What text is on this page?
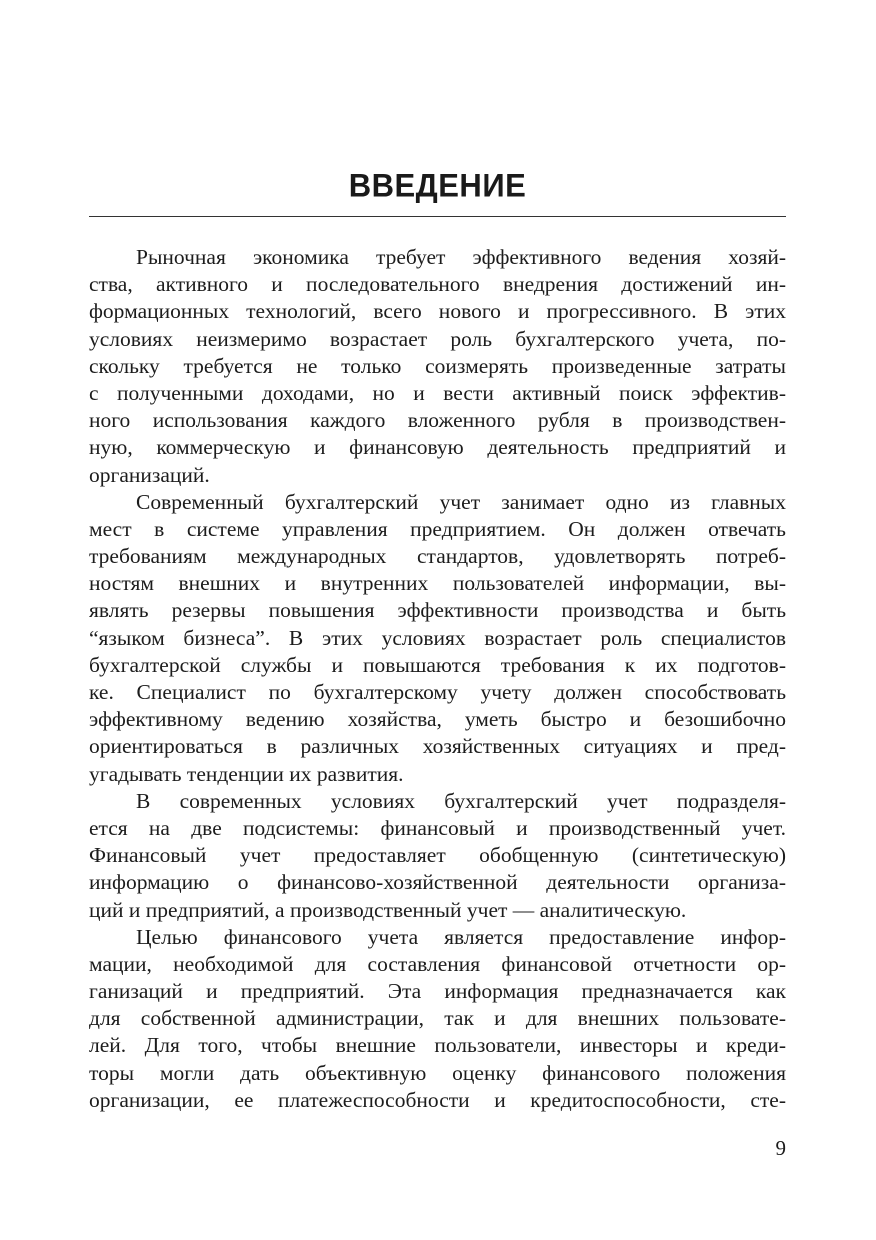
ВВЕДЕНИЕ
Рыночная экономика требует эффективного ведения хозяй-
ства, активного и последовательного внедрения достижений ин-
формационных технологий, всего нового и прогрессивного. В этих
условиях неизмеримо возрастает роль бухгалтерского учета, по-
скольку требуется не только соизмерять произведенные затраты
с полученными доходами, но и вести активный поиск эффектив-
ного использования каждого вложенного рубля в производствен-
ную, коммерческую и финансовую деятельность предприятий и
организаций.
Современный бухгалтерский учет занимает одно из главных
мест в системе управления предприятием. Он должен отвечать
требованиям международных стандартов, удовлетворять потреб-
ностям внешних и внутренних пользователей информации, вы-
являть резервы повышения эффективности производства и быть
“языком бизнеса”. В этих условиях возрастает роль специалистов
бухгалтерской службы и повышаются требования к их подготов-
ке. Специалист по бухгалтерскому учету должен способствовать
эффективному ведению хозяйства, уметь быстро и безошибочно
ориентироваться в различных хозяйственных ситуациях и пред-
угадывать тенденции их развития.
В современных условиях бухгалтерский учет подразделя-
ется на две подсистемы: финансовый и производственный учет.
Финансовый учет предоставляет обобщенную (синтетическую)
информацию о финансово-хозяйственной деятельности организа-
ций и предприятий, а производственный учет — аналитическую.
Целью финансового учета является предоставление инфор-
мации, необходимой для составления финансовой отчетности ор-
ганизаций и предприятий. Эта информация предназначается как
для собственной администрации, так и для внешних пользовате-
лей. Для того, чтобы внешние пользователи, инвесторы и креди-
торы могли дать объективную оценку финансового положения
организации, ее платежеспособности и кредитоспособности, сте-
9
